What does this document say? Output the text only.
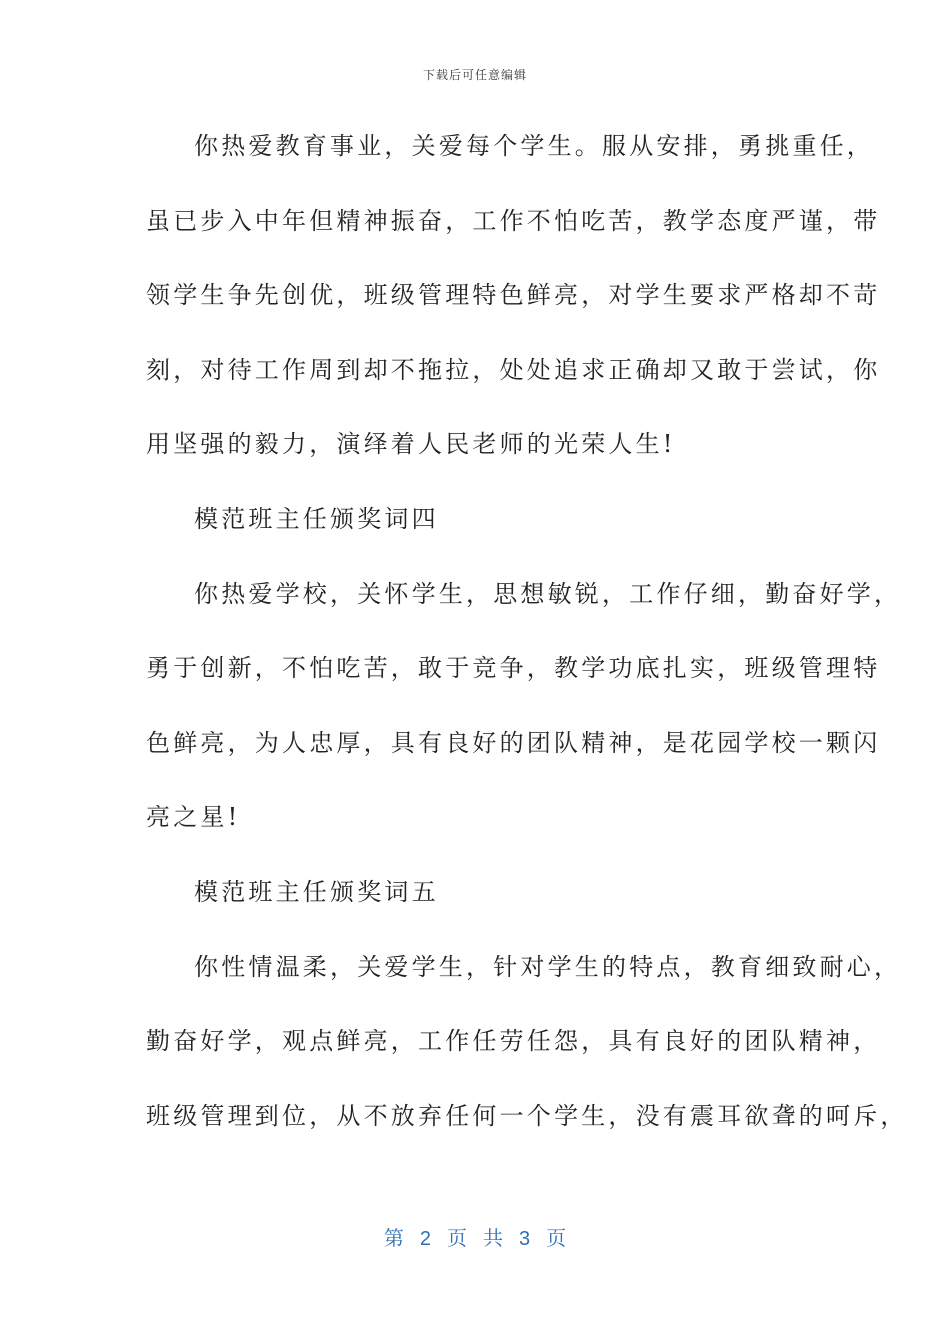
下载后可任意编辑
你热爱教育事业，关爱每个学生。服从安排，勇挑重任，
虽已步入中年但精神振奋，工作不怕吃苦，教学态度严谨，带
领学生争先创优，班级管理特色鲜亮，对学生要求严格却不苛
刻，对待工作周到却不拖拉，处处追求正确却又敢于尝试，你
用坚强的毅力，演绎着人民老师的光荣人生!
模范班主任颁奖词四
你热爱学校，关怀学生，思想敏锐，工作仔细，勤奋好学，
勇于创新，不怕吃苦，敢于竞争，教学功底扎实，班级管理特
色鲜亮，为人忠厚，具有良好的团队精神，是花园学校一颗闪
亮之星!
模范班主任颁奖词五
你性情温柔，关爱学生，针对学生的特点，教育细致耐心，
勤奋好学，观点鲜亮，工作任劳任怨，具有良好的团队精神，
班级管理到位，从不放弃任何一个学生，没有震耳欲聋的呵斥，
第 2 页 共 3 页
